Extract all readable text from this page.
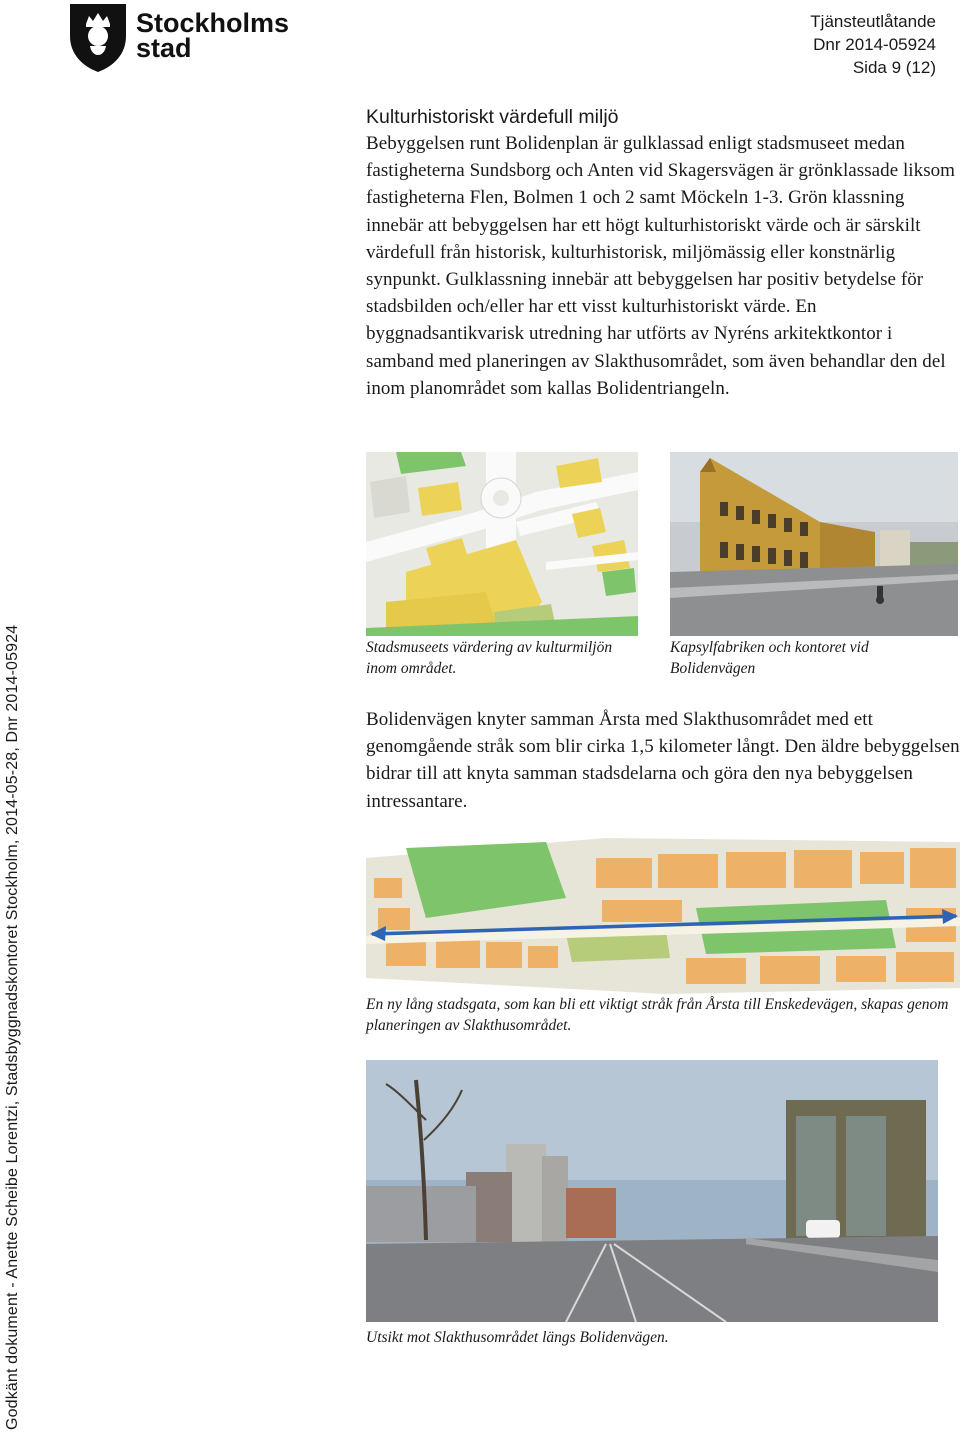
Stockholms
stad
Tjänsteutlåtande
Dnr 2014-05924
Sida 9 (12)
Kulturhistoriskt värdefull miljö
Bebyggelsen runt Bolidenplan är gulklassad enligt stadsmuseet medan fastigheterna Sundsborg och Anten vid Skagersvägen är grönklassade liksom fastigheterna Flen, Bolmen 1 och 2 samt Möckeln 1-3. Grön klassning innebär att bebyggelsen har ett högt kulturhistoriskt värde och är särskilt värdefull från historisk, kulturhistorisk, miljömässig eller konstnärlig synpunkt. Gulklassning innebär att bebyggelsen har positiv betydelse för stadsbilden och/eller har ett visst kulturhistoriskt värde. En byggnadsantikvarisk utredning har utförts av Nyréns arkitektkontor i samband med planeringen av Slakthusområdet, som även behandlar den del inom planområdet som kallas Bolidentriangeln.
Stadsmuseets värdering av kulturmiljön inom området.
Kapsylfabriken och kontoret vid Bolidenvägen
Bolidenvägen knyter samman Årsta med Slakthusområdet med ett genomgående stråk som blir cirka 1,5 kilometer långt. Den äldre bebyggelsen bidrar till att knyta samman stadsdelarna och göra den nya bebyggelsen intressantare.
En ny lång stadsgata, som kan bli ett viktigt stråk från Årsta till Enskedevägen, skapas genom planeringen av Slakthusområdet.
Utsikt mot Slakthusområdet längs Bolidenvägen.
Godkänt dokument - Anette Scheibe Lorentzi, Stadsbyggnadskontoret Stockholm, 2014-05-28, Dnr 2014-05924
